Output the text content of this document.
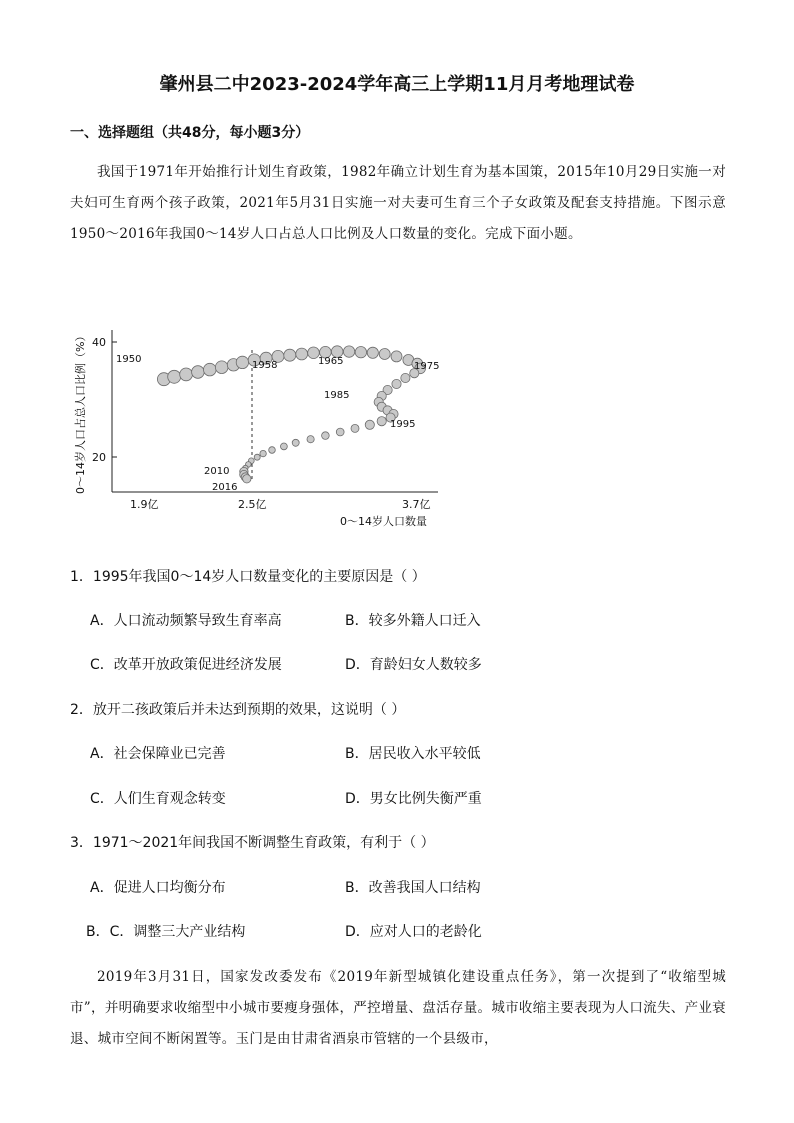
肇州县二中2023-2024学年高三上学期11月月考地理试卷
一、选择题组（共48分，每小题3分）
我国于1971年开始推行计划生育政策，1982年确立计划生育为基本国策，2015年10月29日实施一对夫妇可生育两个孩子政策，2021年5月31日实施一对夫妻可生育三个子女政策及配套支持措施。下图示意1950～2016年我国0～14岁人口占总人口比例及人口数量的变化。完成下面小题。
0～14岁人口占总人口比例（%） 40
20
1.9亿	2.5亿	3.7亿
0～14岁人口数量
1950
1958	1965	1975
1985
1995
2010
2016
1．1995年我国0～14岁人口数量变化的主要原因是（ ）
A．人口流动频繁导致生育率高	B．较多外籍人口迁入
C．改革开放政策促进经济发展	D．育龄妇女人数较多
2．放开二孩政策后并未达到预期的效果，这说明（ ）
A．社会保障业已完善	B．居民收入水平较低
C．人们生育观念转变	D．男女比例失衡严重
3．1971～2021年间我国不断调整生育政策，有利于（ ）
A．促进人口均衡分布	B．改善我国人口结构
B．C．调整三大产业结构	D．应对人口的老龄化
2019年3月31日，国家发改委发布《2019年新型城镇化建设重点任务》，第一次提到了“收缩型城市”，并明确要求收缩型中小城市要瘦身强体，严控增量、盘活存量。城市收缩主要表现为人口流失、产业衰退、城市空间不断闲置等。玉门是由甘肃省酒泉市管辖的一个县级市，
